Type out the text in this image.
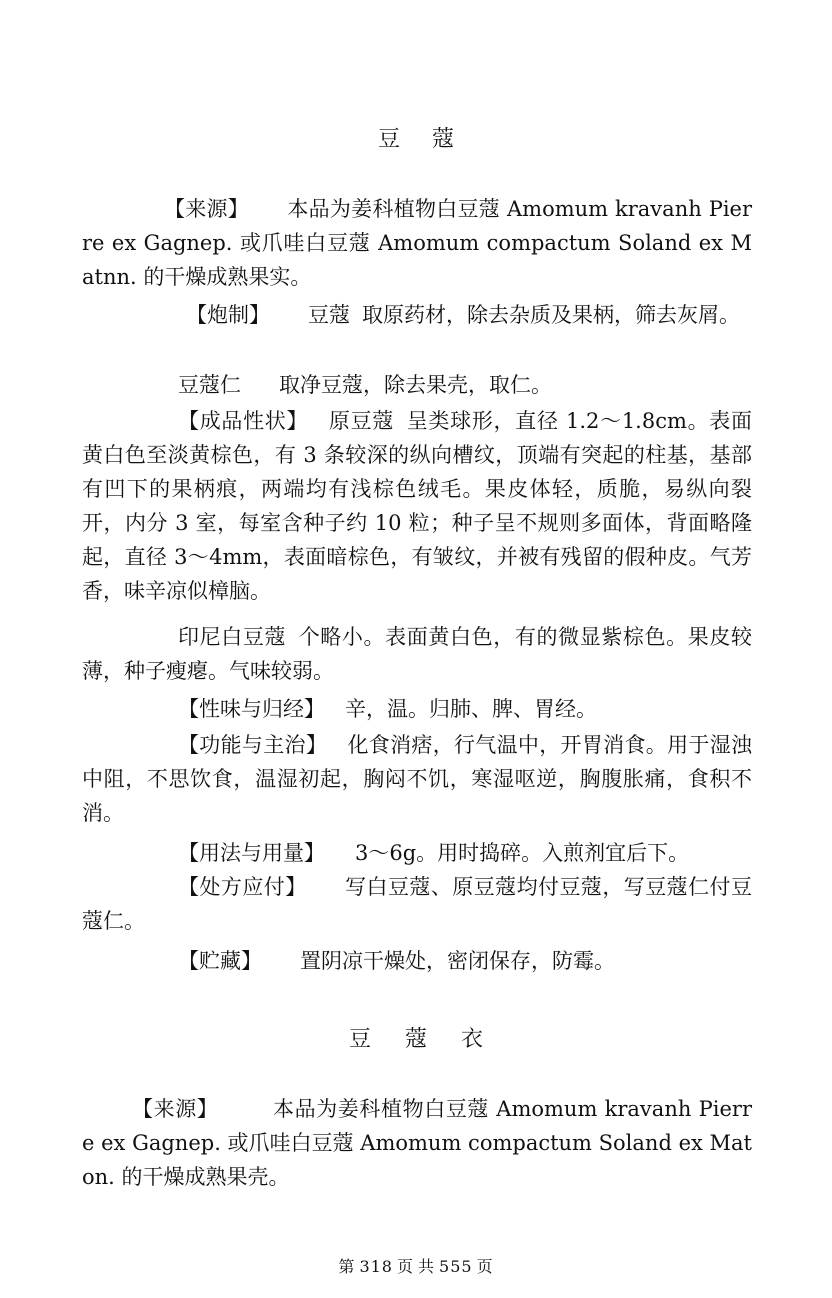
豆 蔻
【来源】 本品为姜科植物白豆蔻 Amomum kravanh Pierre ex Gagnep. 或爪哇白豆蔻 Amomum compactum Soland ex Matnn. 的干燥成熟果实。
【炮制】 豆蔻 取原药材，除去杂质及果柄，筛去灰屑。
豆蔻仁 取净豆蔻，除去果壳，取仁。
【成品性状】 原豆蔻 呈类球形，直径 1.2～1.8cm。表面黄白色至淡黄棕色，有 3 条较深的纵向槽纹，顶端有突起的柱基，基部有凹下的果柄痕，两端均有浅棕色绒毛。果皮体轻，质脆，易纵向裂开，内分 3 室，每室含种子约 10 粒；种子呈不规则多面体，背面略隆起，直径 3～4mm，表面暗棕色，有皱纹，并被有残留的假种皮。气芳香，味辛凉似樟脑。
印尼白豆蔻 个略小。表面黄白色，有的微显紫棕色。果皮较薄，种子瘦瘪。气味较弱。
【性味与归经】 辛，温。归肺、脾、胃经。
【功能与主治】 化食消痞，行气温中，开胃消食。用于湿浊中阻，不思饮食，温湿初起，胸闷不饥，寒湿呕逆，胸腹胀痛，食积不消。
【用法与用量】 3～6g。用时捣碎。入煎剂宜后下。
【处方应付】 写白豆蔻、原豆蔻均付豆蔻，写豆蔻仁付豆蔻仁。
【贮藏】 置阴凉干燥处，密闭保存，防霉。
豆 蔻 衣
【来源】	本品为姜科植物白豆蔻 Amomum kravanh Pierre ex Gagnep. 或爪哇白豆蔻 Amomum compactum Soland ex Maton. 的干燥成熟果壳。
第 318 页 共 555 页
